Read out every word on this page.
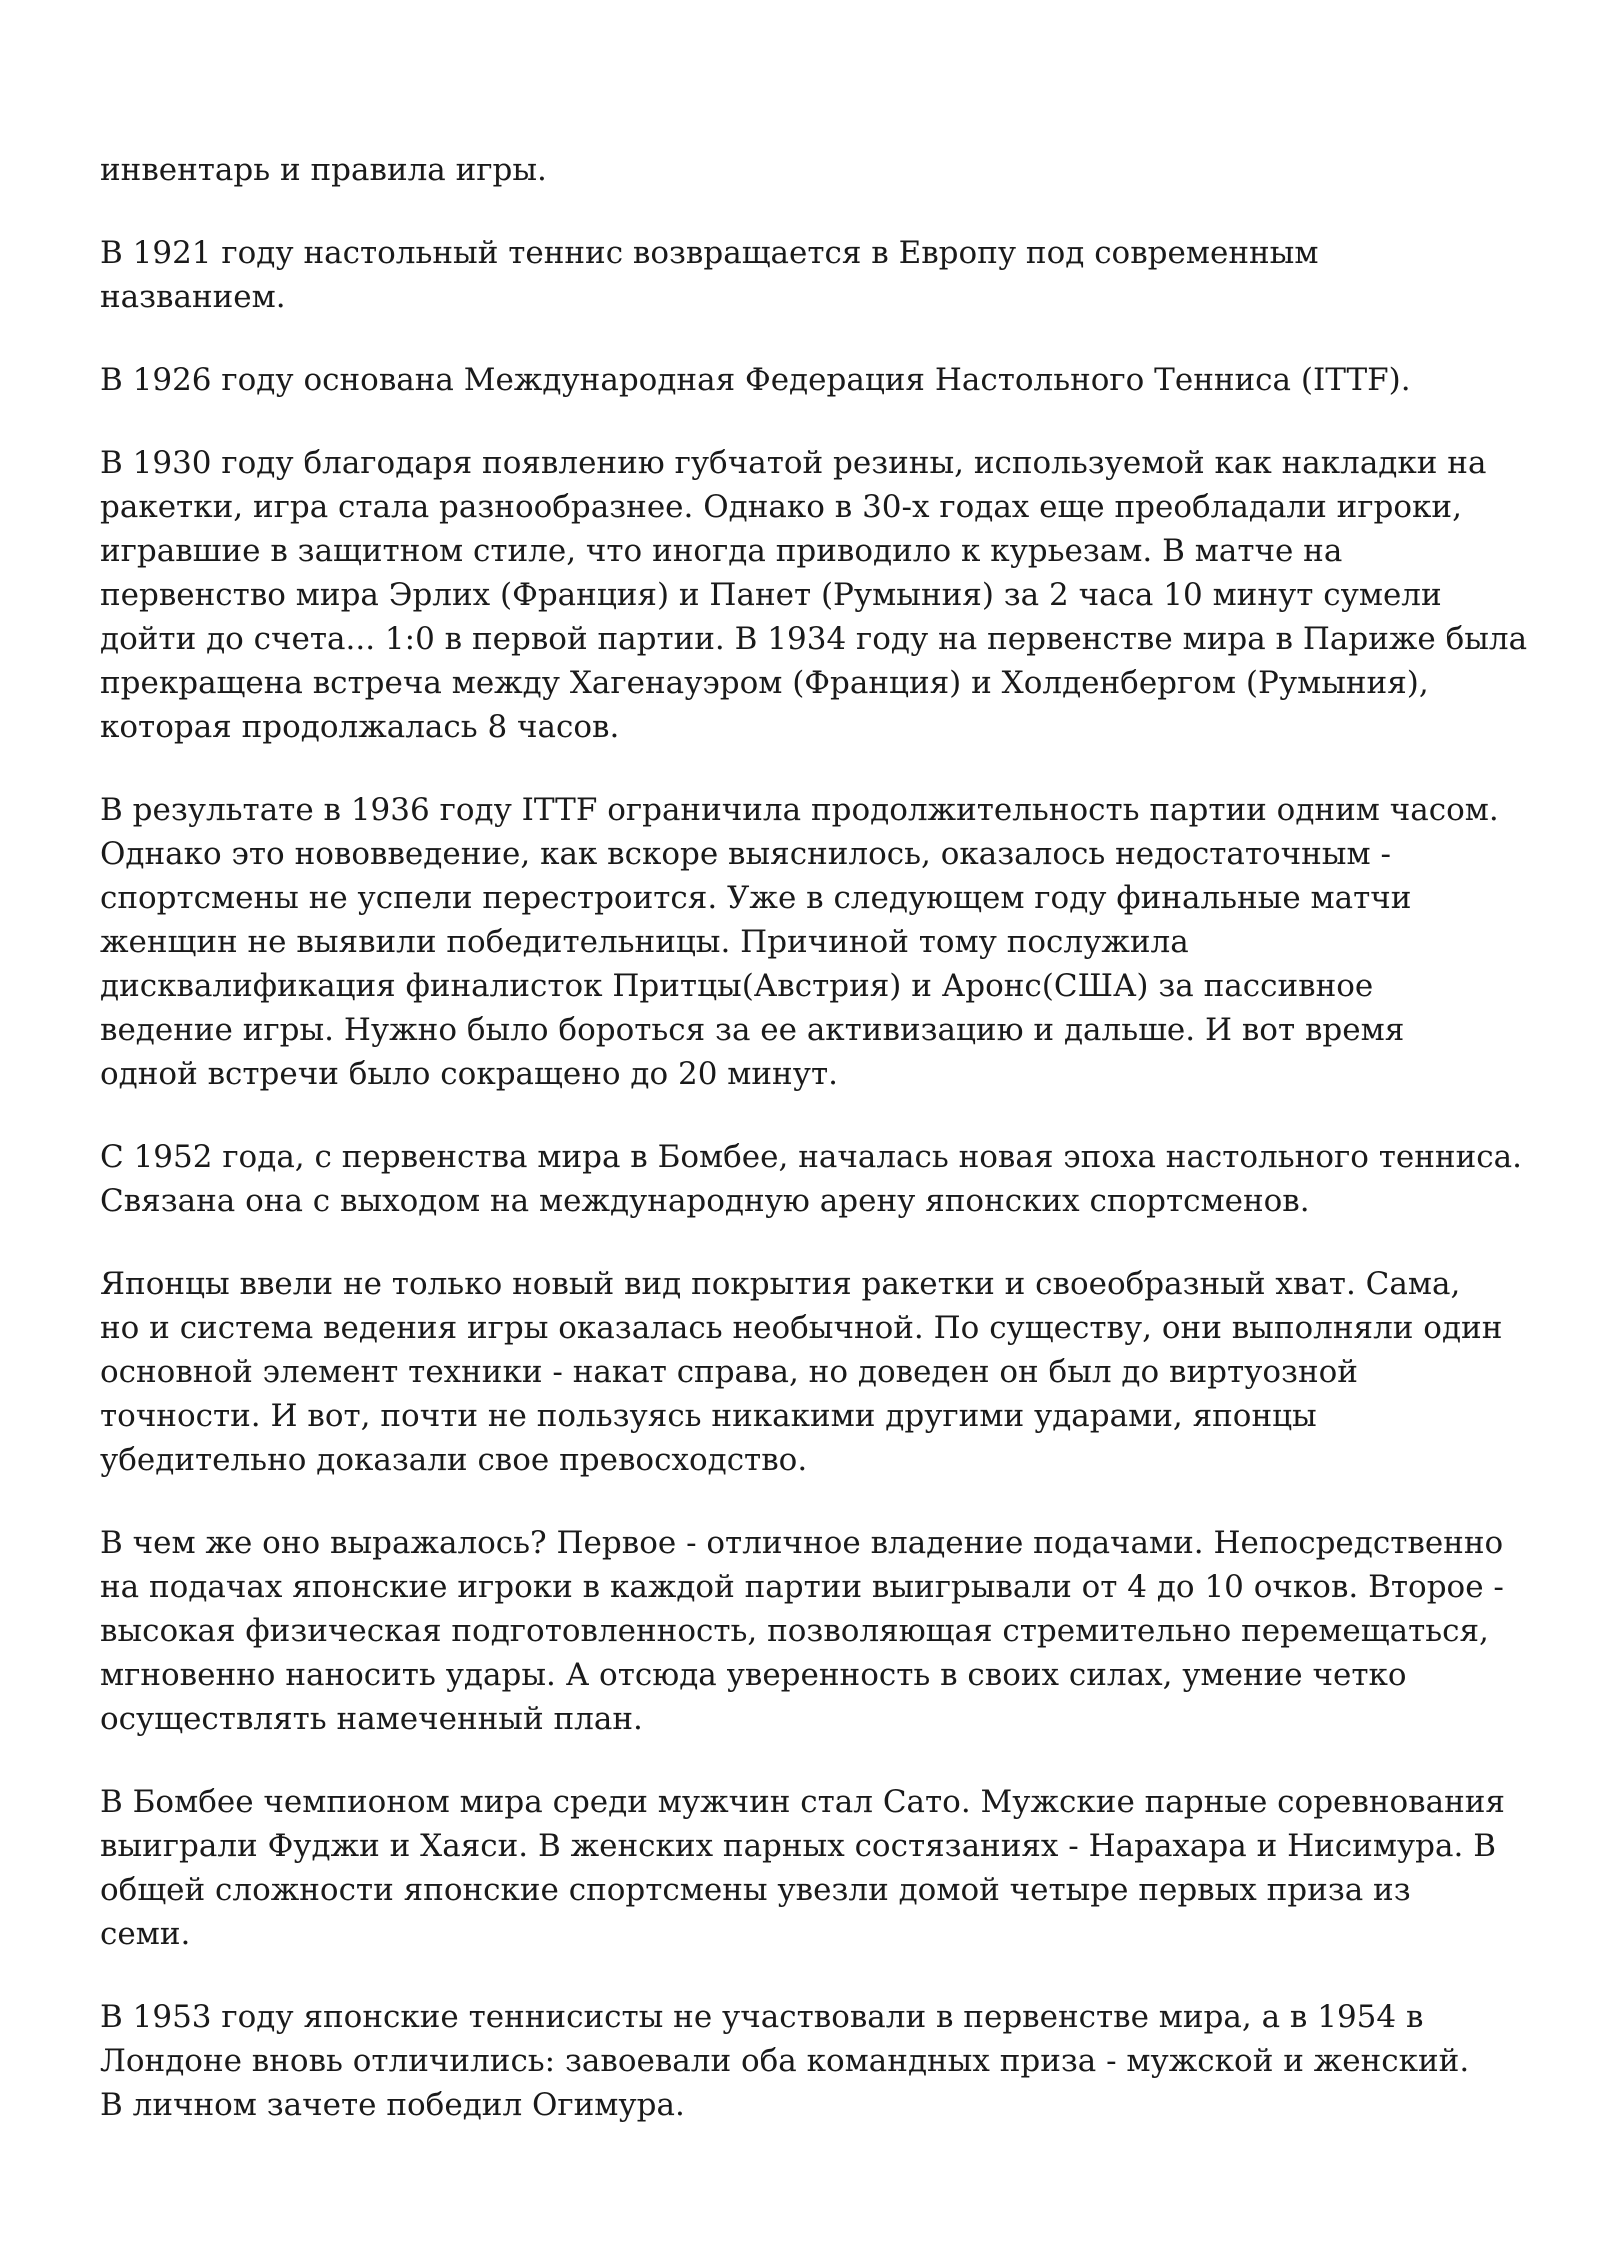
инвентарь и правила игры.

В 1921 году настольный теннис возвращается в Европу под современным
названием.

В 1926 году основана Международная Федерация Настольного Тенниса (ITTF).

В 1930 году благодаря появлению губчатой резины, используемой как накладки на
ракетки, игра стала разнообразнее. Однако в 30-х годах еще преобладали игроки,
игравшие в защитном стиле, что иногда приводило к курьезам. В матче на
первенство мира Эрлих (Франция) и Панет (Румыния) за 2 часа 10 минут сумели
дойти до счета... 1:0 в первой партии. В 1934 году на первенстве мира в Париже была
прекращена встреча между Хагенауэром (Франция) и Холденбергом (Румыния),
которая продолжалась 8 часов.

В результате в 1936 году ITTF ограничила продолжительность партии одним часом.
Однако это нововведение, как вскоре выяснилось, оказалось недостаточным -
спортсмены не успели перестроится. Уже в следующем году финальные матчи
женщин не выявили победительницы. Причиной тому послужила
дисквалификация финалисток Притцы(Австрия) и Аронс(США) за пассивное
ведение игры. Нужно было бороться за ее активизацию и дальше. И вот время
одной встречи было сокращено до 20 минут.

С 1952 года, с первенства мира в Бомбее, началась новая эпоха настольного тенниса.
Связана она с выходом на международную арену японских спортсменов.

Японцы ввели не только новый вид покрытия ракетки и своеобразный хват. Сама,
но и система ведения игры оказалась необычной. По существу, они выполняли один
основной элемент техники - накат справа, но доведен он был до виртуозной
точности. И вот, почти не пользуясь никакими другими ударами, японцы
убедительно доказали свое превосходство.

В чем же оно выражалось? Первое - отличное владение подачами. Непосредственно
на подачах японские игроки в каждой партии выигрывали от 4 до 10 очков. Второе -
высокая физическая подготовленность, позволяющая стремительно перемещаться,
мгновенно наносить удары. А отсюда уверенность в своих силах, умение четко
осуществлять намеченный план.

В Бомбее чемпионом мира среди мужчин стал Сато. Мужские парные соревнования
выиграли Фуджи и Хаяси. В женских парных состязаниях - Нарахара и Нисимура. В
общей сложности японские спортсмены увезли домой четыре первых приза из
семи.

В 1953 году японские теннисисты не участвовали в первенстве мира, а в 1954 в
Лондоне вновь отличились: завоевали оба командных приза - мужской и женский.
В личном зачете победил Огимура.
